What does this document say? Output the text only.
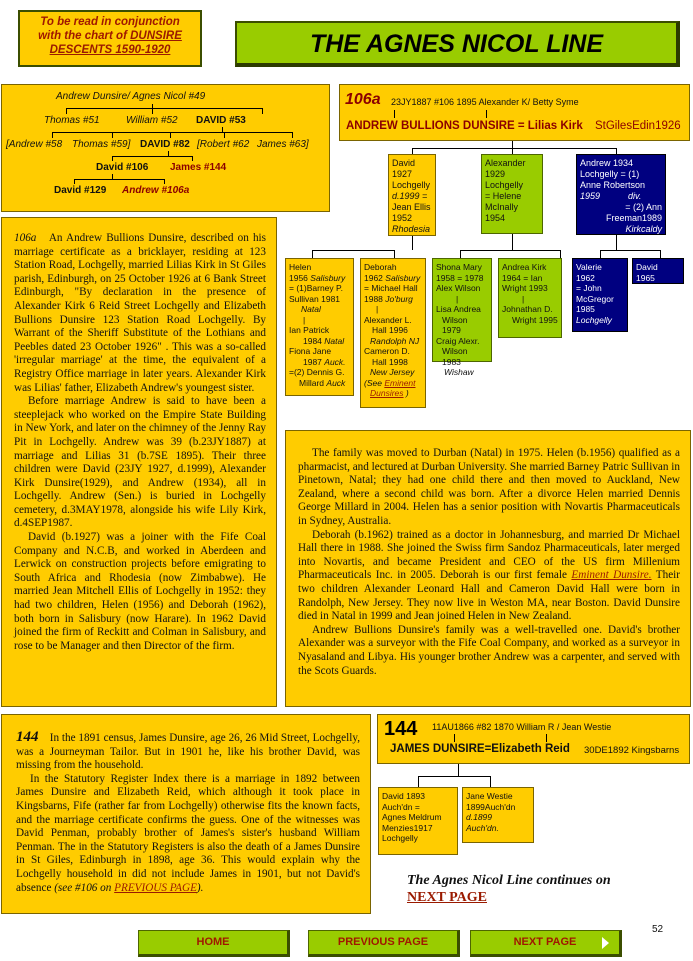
To be read in conjunction
with the chart of DUNSIRE
DESCENTS 1590-1920	THE AGNES NICOL LINE
Andrew Dunsire/ Agnes Nicol #49
Thomas #51	William #52 DAVID #53
[Andrew #58 Thomas #59] DAVID #82 [Robert #62 James #63]
David #106 James #144
David #129 Andrew #106a
106a 23JY1887 #106 1895 Alexander K/ Betty Syme
ANDREW BULLIONS DUNSIRE = Lilias Kirk StGilesEdin1926
David
1927
Lochgelly
d.1999 =
Jean Ellis
1952
Rhodesia
Alexander
1929
Lochgelly
= Helene
McInally
1954
Andrew 1934
Lochgelly = (1)
Anne Robertson
1959	div.
= (2) Ann
Freeman1989
Kirkcaldy
Helen
1956 Salisbury
= (1)Barney P.
Sullivan 1981
Natal
|
Ian Patrick
1984 Natal
Fiona Jane
1987 Auck.
=(2) Dennis G.
Millard Auck
Deborah
1962 Salisbury
= Michael Hall
1988 Jo'burg
|
Alexander L.
Hall 1996
Randolph NJ
Cameron D.
Hall 1998
New Jersey
(See Eminent
Dunsires )
Shona Mary
1958 = 1978
Alex Wilson
|
Lisa Andrea
Wilson 1979
Craig Alexr.
Wilson 1983
Wishaw
Andrea Kirk
1964 = Ian
Wright 1993
|
Johnathan D.
Wright 1995
Valerie
1962
= John
McGregor
1985
Lochgelly
David
1965

106a An Andrew Bullions Dunsire, described on his marriage certificate as a bricklayer, residing at 123 Station Road, Lochgelly, married Lilias Kirk in St Giles parish, Edinburgh, on 25 October 1926 at 6 Bank Street Edinburgh, "By declaration in the presence of Alexander Kirk 6 Reid Street Lochgelly and Elizabeth Bullions Dunsire 123 Station Road Lochgelly. By Warrant of the Sheriff Substitute of the Lothians and Peebles dated 23 October 1926" . This was a so-called 'irregular marriage' at the time, the equivalent of a Registry Office marriage in later years. Alexander Kirk was Lilias' father, Elizabeth Andrew's youngest sister.

Before marriage Andrew is said to have been a steeplejack who worked on the Empire State Building in New York, and later on the chimney of the Jenny Ray Pit in Lochgelly. Andrew was 39 (b.23JY1887) at marriage and Lilias 31 (b.7SE 1895). Their three children were David (23JY 1927, d.1999), Alexander Kirk Dunsire(1929), and Andrew (1934), all in Lochgelly. Andrew (Sen.) is buried in Lochgelly cemetery, d.3MAY1978, alongside his wife Lily Kirk, d.4SEP1987.

David (b.1927) was a joiner with the Fife Coal Company and N.C.B, and worked in Aberdeen and Lerwick on construction projects before emigrating to South Africa and Rhodesia (now Zimbabwe). He married Jean Mitchell Ellis of Lochgelly in 1952: they had two children, Helen (1956) and Deborah (1962), both born in Salisbury (now Harare). In 1962 David joined the firm of Reckitt and Colman in Salisbury, and rose to be Manager and then Director of the firm.

The family was moved to Durban (Natal) in 1975. Helen (b.1956) qualified as a pharmacist, and lectured at Durban University. She married Barney Patric Sullivan in Pinetown, Natal; they had one child there and then moved to Auckland, New Zealand, where a second child was born. After a divorce Helen married Dennis George Millard in 2004. Helen has a senior position with Novartis Pharmaceuticals in Sydney, Australia.

Deborah (b.1962) trained as a doctor in Johannesburg, and married Dr Michael Hall there in 1988. She joined the Swiss firm Sandoz Pharmaceuticals, later merged into Novartis, and became President and CEO of the US firm Millenium Pharmaceuticals Inc. in 2005. Deborah is our first female Eminent Dunsire. Their two children Alexander Leonard Hall and Cameron David Hall were born in Randolph, New Jersey. They now live in Weston MA, near Boston. David Dunsire died in Natal in 1999 and Jean joined Helen in New Zealand.

Andrew Bullions Dunsire's family was a well-travelled one. David's brother Alexander was a surveyor with the Fife Coal Company, and worked as a surveyor in Nyasaland and Libya. His younger brother Andrew was a carpenter, and served with the Scots Guards.

144 In the 1891 census, James Dunsire, age 26, 26 Mid Street, Lochgelly, was a Journeyman Tailor. But in 1901 he, like his brother David, was missing from the household.

In the Statutory Register Index there is a marriage in 1892 between James Dunsire and Elizabeth Reid, which although it took place in Kingsbarns, Fife (rather far from Lochgelly) otherwise fits the known facts, and the marriage certificate confirms the guess. One of the witnesses was David Penman, probably brother of James's sister's husband William Penman. The in the Statutory Registers is also the death of a James Dunsire in St Giles, Edinburgh in 1898, age 36. This would explain why the Lochgelly household in did not include James in 1901, but not David's absence (see #106 on PREVIOUS PAGE).

144 11AU1866 #82 1870 William R / Jean Westie
JAMES DUNSIRE=Elizabeth Reid 30DE1892 Kingsbarns
David 1893
Auch'dn =
Agnes Meldrum
Menzies1917
Lochgelly
Jane Westie
1899Auch'dn
d.1899
Auch'dn.
The Agnes Nicol Line continues on
NEXT PAGE
52
HOME	PREVIOUS PAGE	NEXT PAGE
